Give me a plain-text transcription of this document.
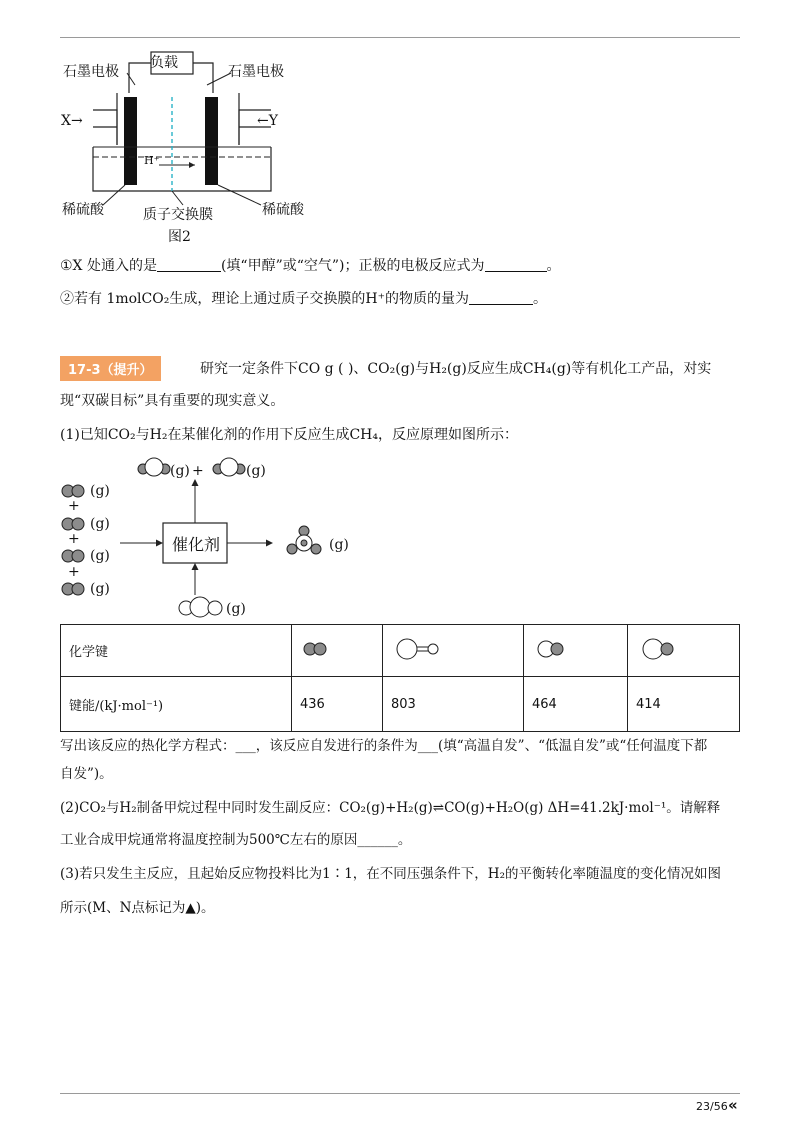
负载
石墨电极	石墨电极
X→	←Y
H⁺
稀硫酸	稀硫酸
质子交换膜
图2
①X 处通入的是	(填“甲醇”或“空气”)；正极的电极反应式为	。
②若有 1molCO₂生成，理论上通过质子交换膜的H⁺的物质的量为	。
17-3（提升）	研究一定条件下CO g ( )、CO₂(g)与H₂(g)反应生成CH₄(g)等有机化工产品，对实
现“双碳目标”具有重要的现实意义。
(1)已知CO₂与H₂在某催化剂的作用下反应生成CH₄，反应原理如图所示：
(g)
+
(g)
+
(g)
+
(g)
(g) +	(g)
催化剂	(g)
(g)
化学键				
键能/(kJ·mol⁻¹)	436	803	464	414
写出该反应的热化学方程式：___，该反应自发进行的条件为___(填“高温自发”、“低温自发”或“任何温度下都
自发”)。
(2)CO₂与H₂制备甲烷过程中同时发生副反应：CO₂(g)+H₂(g)⇌CO(g)+H₂O(g) ΔH=41.2kJ·mol⁻¹。请解释
工业合成甲烷通常将温度控制为500℃左右的原因______。
(3)若只发生主反应，且起始反应物投料比为1∶1，在不同压强条件下，H₂的平衡转化率随温度的变化情况如图
所示(M、N点标记为▲)。
23/56 «
